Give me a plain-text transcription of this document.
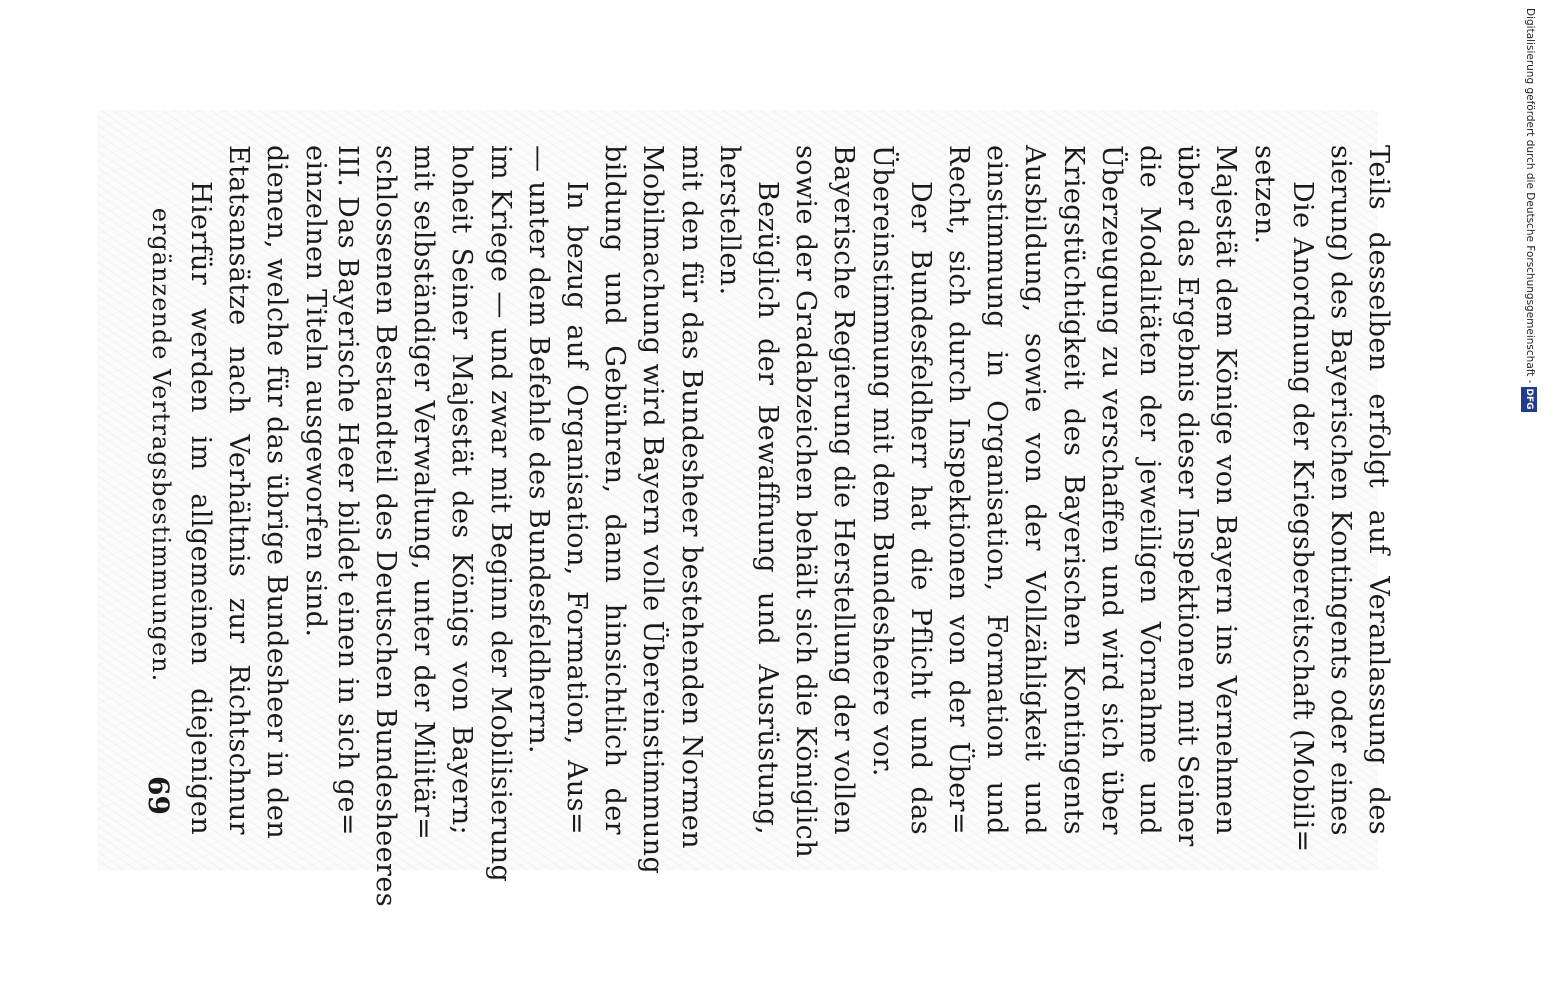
ergänzende Vertragsbestimmungen.
69 Hierfür werden im allgemeinen diejenigen Etatsansätze nach Verhältnis zur Richtschnur dienen, welche für das übrige Bundesheer in den einzelnen Titeln ausgeworfen sind. III. Das Bayerische Heer bildet einen in sich ge= schlossenen Bestandteil des Deutschen Bundesheeres mit selbständiger Verwaltung, unter der Militär= hoheit Seiner Majestät des Königs von Bayern; im Kriege — und zwar mit Beginn der Mobilisierung — unter dem Befehle des Bundesfeldherrn. In bezug auf Organisation, Formation, Aus= bildung und Gebühren, dann hinsichtlich der Mobilmachung wird Bayern volle Übereinstimmung mit den für das Bundesheer bestehenden Normen herstellen. Bezüglich der Bewaffnung und Ausrüstung, sowie der Gradabzeichen behält sich die Königlich Bayerische Regierung die Herstellung der vollen Übereinstimmung mit dem Bundesheere vor. Der Bundesfeldherr hat die Pflicht und das Recht, sich durch Inspektionen von der Über= einstimmung in Organisation, Formation und Ausbildung, sowie von der Vollzähligkeit und Kriegstüchtigkeit des Bayerischen Kontingents Überzeugung zu verschaffen und wird sich über die Modalitäten der jeweiligen Vornahme und über das Ergebnis dieser Inspektionen mit Seiner Majestät dem Könige von Bayern ins Vernehmen setzen. Die Anordnung der Kriegsbereitschaft (Mobili= sierung) des Bayerischen Kontingents oder eines Teils desselben erfolgt auf Veranlassung des	Digitalisierung gefördert durch die Deutsche Forschungsgemeinschaft -DFG
